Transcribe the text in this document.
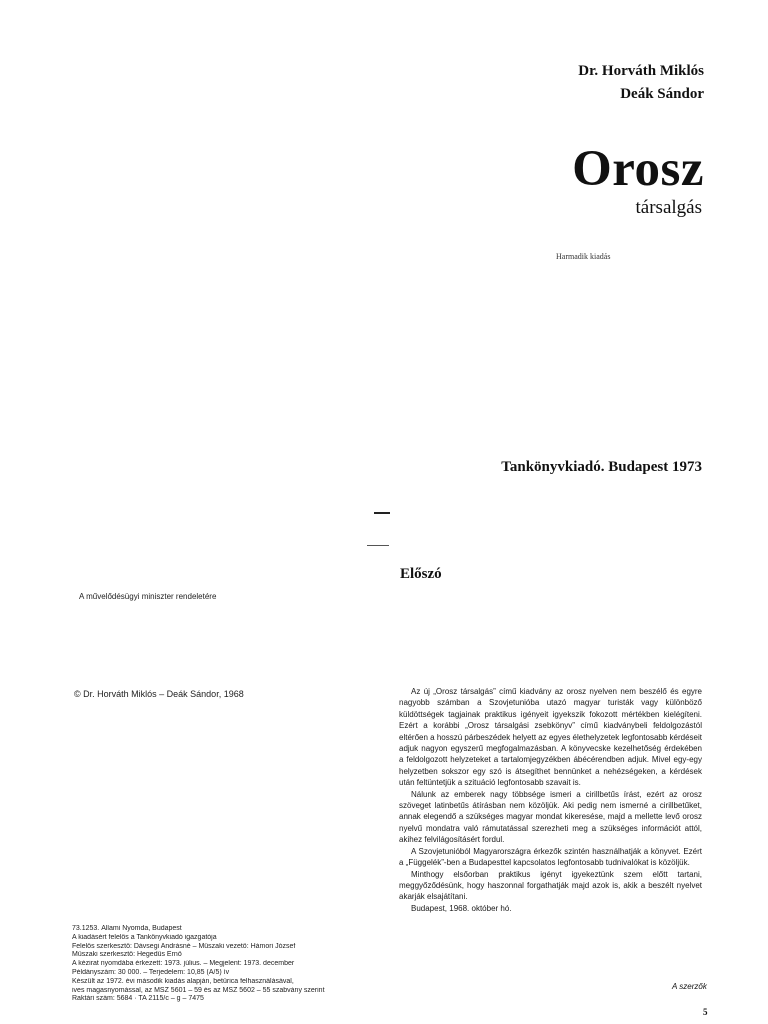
Dr. Horváth Miklós
Deák Sándor
Orosz
társalgás
Harmadik kiadás
Tankönyvkiadó. Budapest 1973
Előszó
A művelődésügyi miniszter rendeletére
© Dr. Horváth Miklós – Deák Sándor, 1968	Az új „Orosz társalgás” című kiadvány az orosz nyelven nem beszélő és egyre nagyobb számban a Szovjetunióba utazó magyar turisták vagy különböző küldöttségek tagjainak praktikus igényeit igyekszik fokozott mértékben kielégíteni. Ezért a korábbi „Orosz társalgási zsebkönyv” című kiadványbeli feldolgozástól eltérően a hosszú párbeszédek helyett az egyes élethelyzetek legfontosabb kérdéseit adjuk nagyon egyszerű megfogalmazásban. A könyvecske kezelhetőség érdekében a feldolgozott helyzeteket a tartalomjegyzékben ábécérendben adjuk. Mivel egy-egy helyzetben sokszor egy szó is átsegíthet bennünket a nehézségeken, a kérdések után feltüntetjük a szituáció legfontosabb szavait is.

Nálunk az emberek nagy többsége ismeri a cirillbetűs írást, ezért az orosz szöveget latinbetűs átírásban nem közöljük. Aki pedig nem ismerné a cirillbetűket, annak elegendő a szükséges magyar mondat kikeresése, majd a mellette levő orosz nyelvű mondatra való rámutatással szerezheti meg a szükséges információt attól, akihez felvilágosításért fordul.

A Szovjetunióból Magyarországra érkezők szintén használhatják a könyvet. Ezért a „Függelék”-ben a Budapesttel kapcsolatos legfontosabb tudnivalókat is közöljük.

Minthogy elsőorban praktikus igényt igyekeztünk szem előtt tartani, meggyőződésünk, hogy haszonnal forgathatják majd azok is, akik a beszélt nyelvet akarják elsajátítani.

Budapest, 1968. október hó.

A szerzők
5
73.1253. Állami Nyomda, Budapest
A kiadásért felelős a Tankönyvkiadó igazgatója
Felelős szerkesztő: Dávsegi Andrásné – Műszaki vezető: Hámori József
Műszaki szerkesztő: Hegedűs Ernő
A kézirat nyomdába érkezett: 1973. július. – Megjelent: 1973. december
Példányszám: 30 000. – Terjedelem: 10,85 (A/5) ív
Készült az 1972. évi második kiadás alapján, betűrica felhasználásával,
ives magasnyomással, az MSZ 5601 – 59 és az MSZ 5602 – 55 szabvány szerint
Raktári szám: 5684 · TA 2115/c – g – 7475
